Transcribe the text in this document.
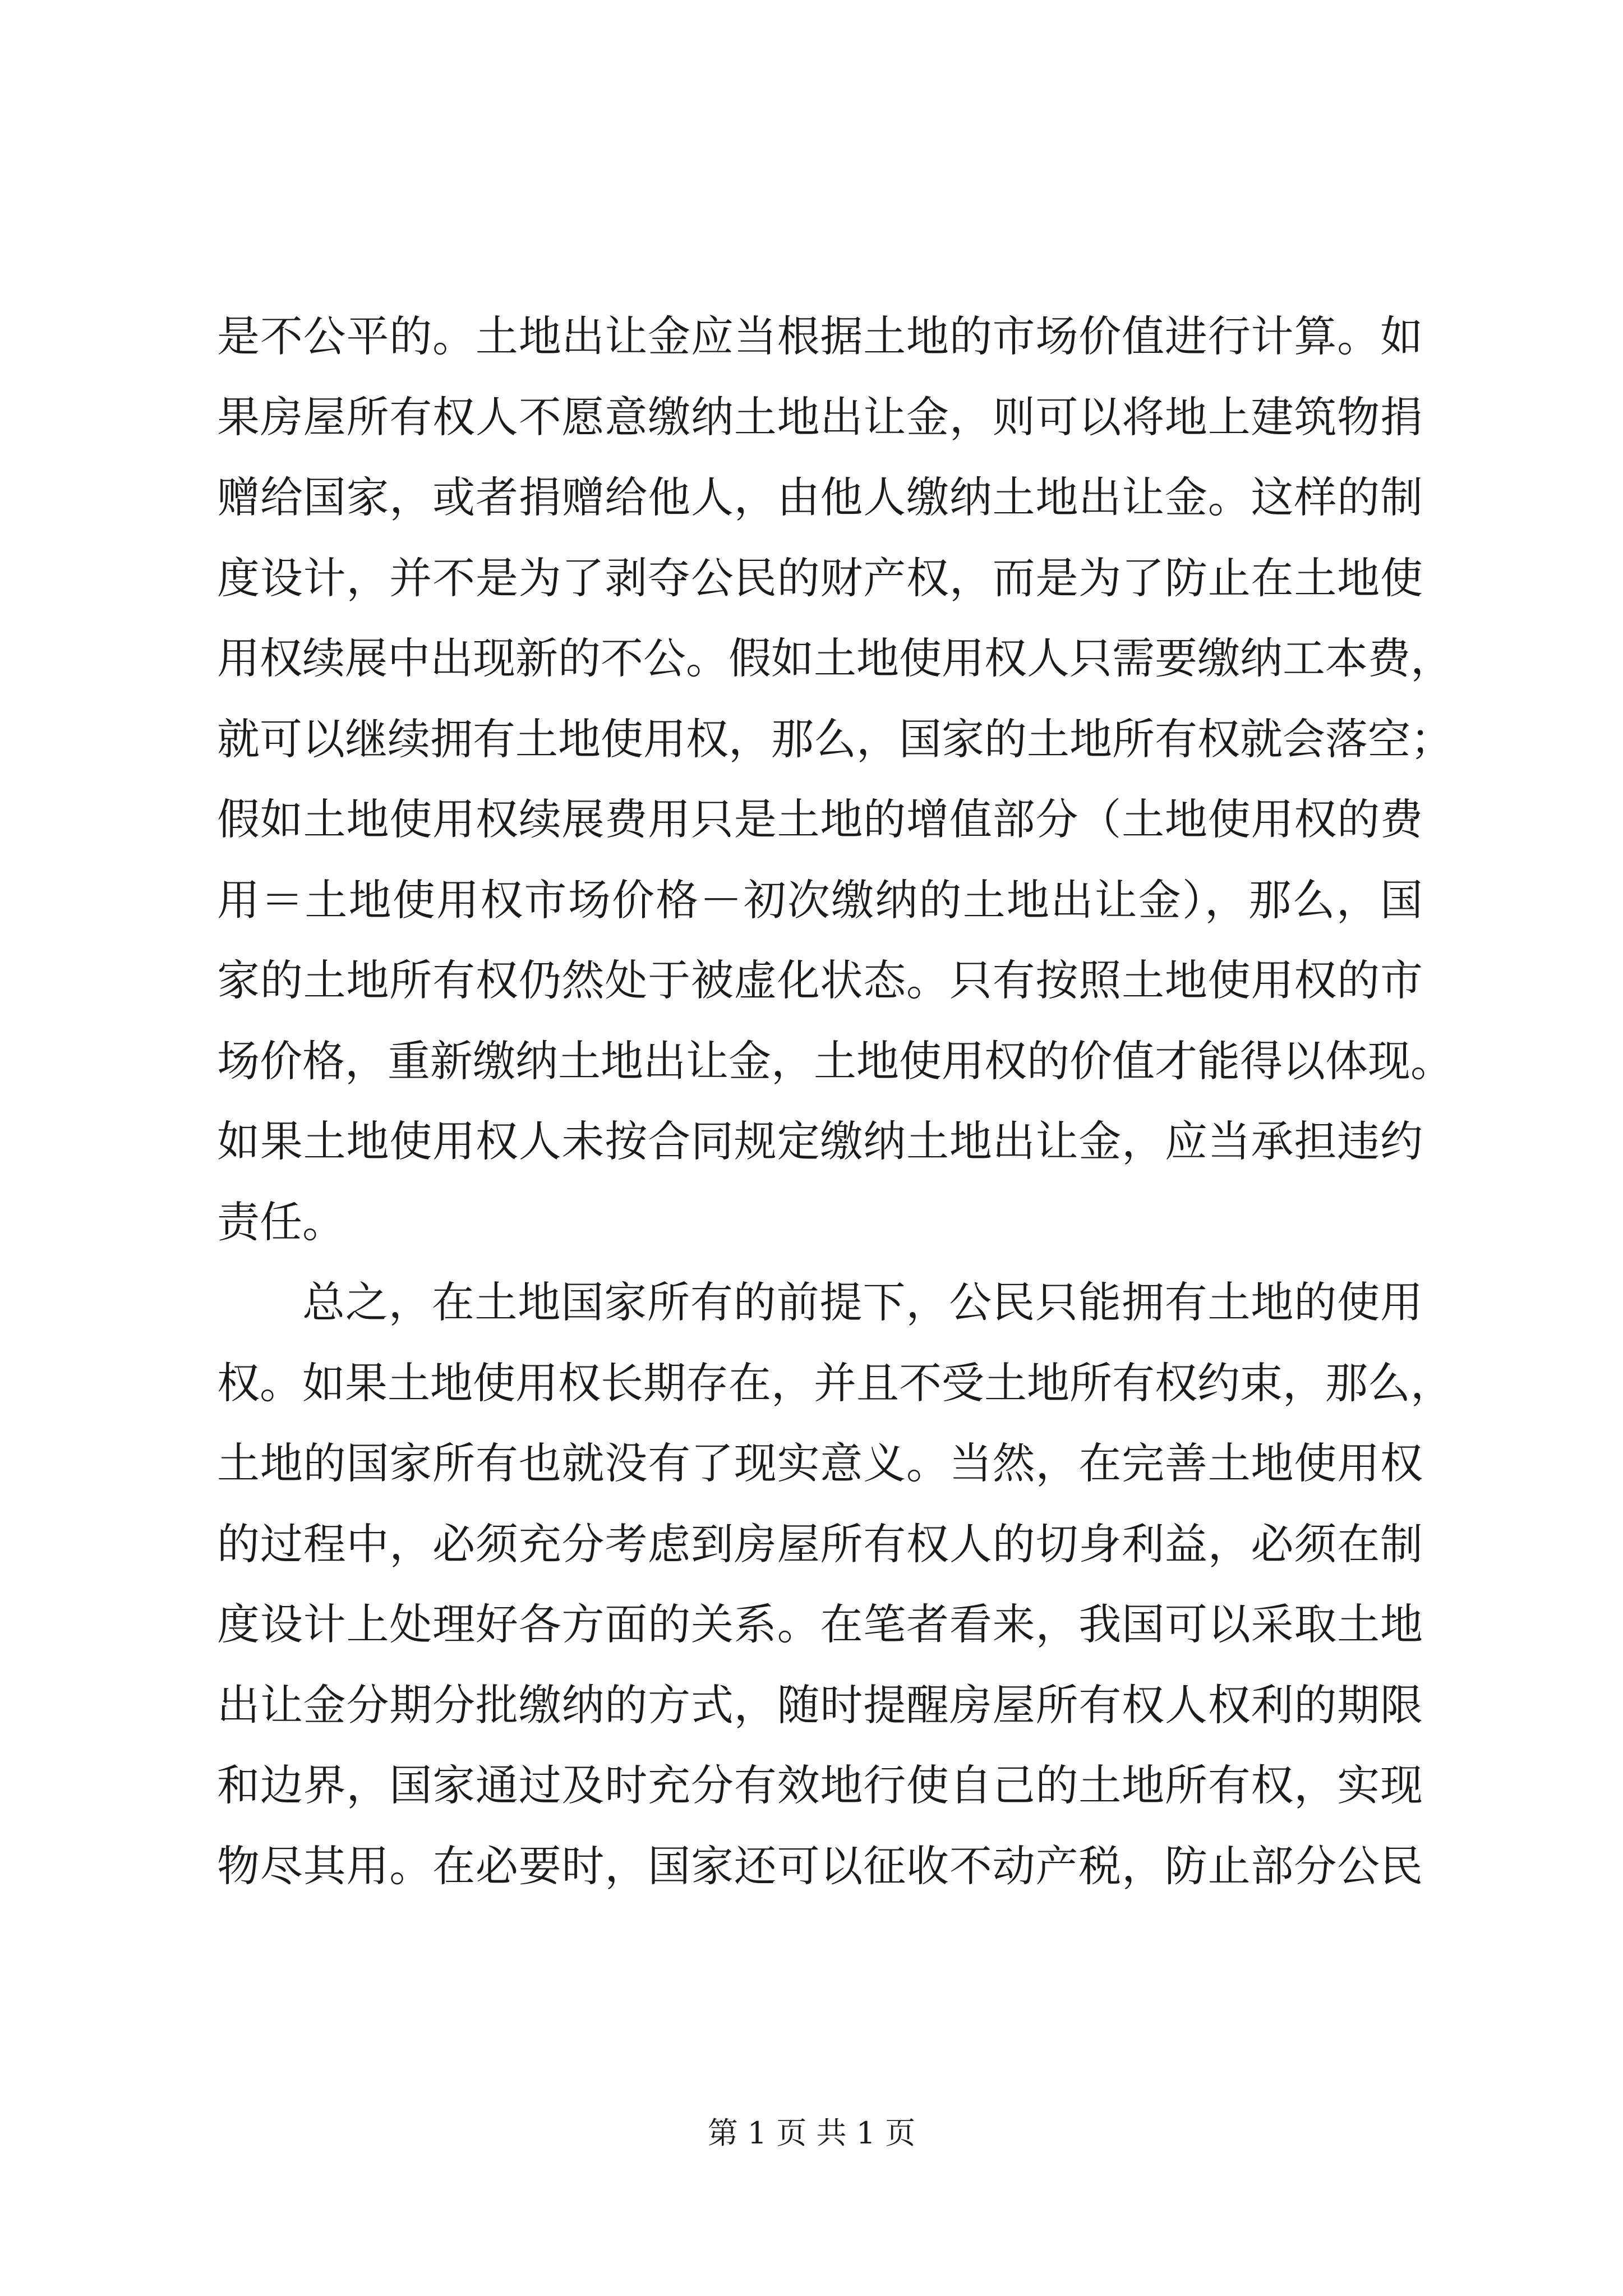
是不公平的。土地出让金应当根据土地的市场价值进行计算。如
果房屋所有权人不愿意缴纳土地出让金，则可以将地上建筑物捐
赠给国家，或者捐赠给他人，由他人缴纳土地出让金。这样的制
度设计，并不是为了剥夺公民的财产权，而是为了防止在土地使
用权续展中出现新的不公。假如土地使用权人只需要缴纳工本费，
就可以继续拥有土地使用权，那么，国家的土地所有权就会落空；
假如土地使用权续展费用只是土地的增值部分（土地使用权的费
用＝土地使用权市场价格－初次缴纳的土地出让金），那么，国
家的土地所有权仍然处于被虚化状态。只有按照土地使用权的市
场价格，重新缴纳土地出让金，土地使用权的价值才能得以体现。
如果土地使用权人未按合同规定缴纳土地出让金，应当承担违约
责任。
总之，在土地国家所有的前提下，公民只能拥有土地的使用
权。如果土地使用权长期存在，并且不受土地所有权约束，那么，
土地的国家所有也就没有了现实意义。当然，在完善土地使用权
的过程中，必须充分考虑到房屋所有权人的切身利益，必须在制
度设计上处理好各方面的关系。在笔者看来，我国可以采取土地
出让金分期分批缴纳的方式，随时提醒房屋所有权人权利的期限
和边界，国家通过及时充分有效地行使自己的土地所有权，实现
物尽其用。在必要时，国家还可以征收不动产税，防止部分公民
第 1 页 共 1 页
